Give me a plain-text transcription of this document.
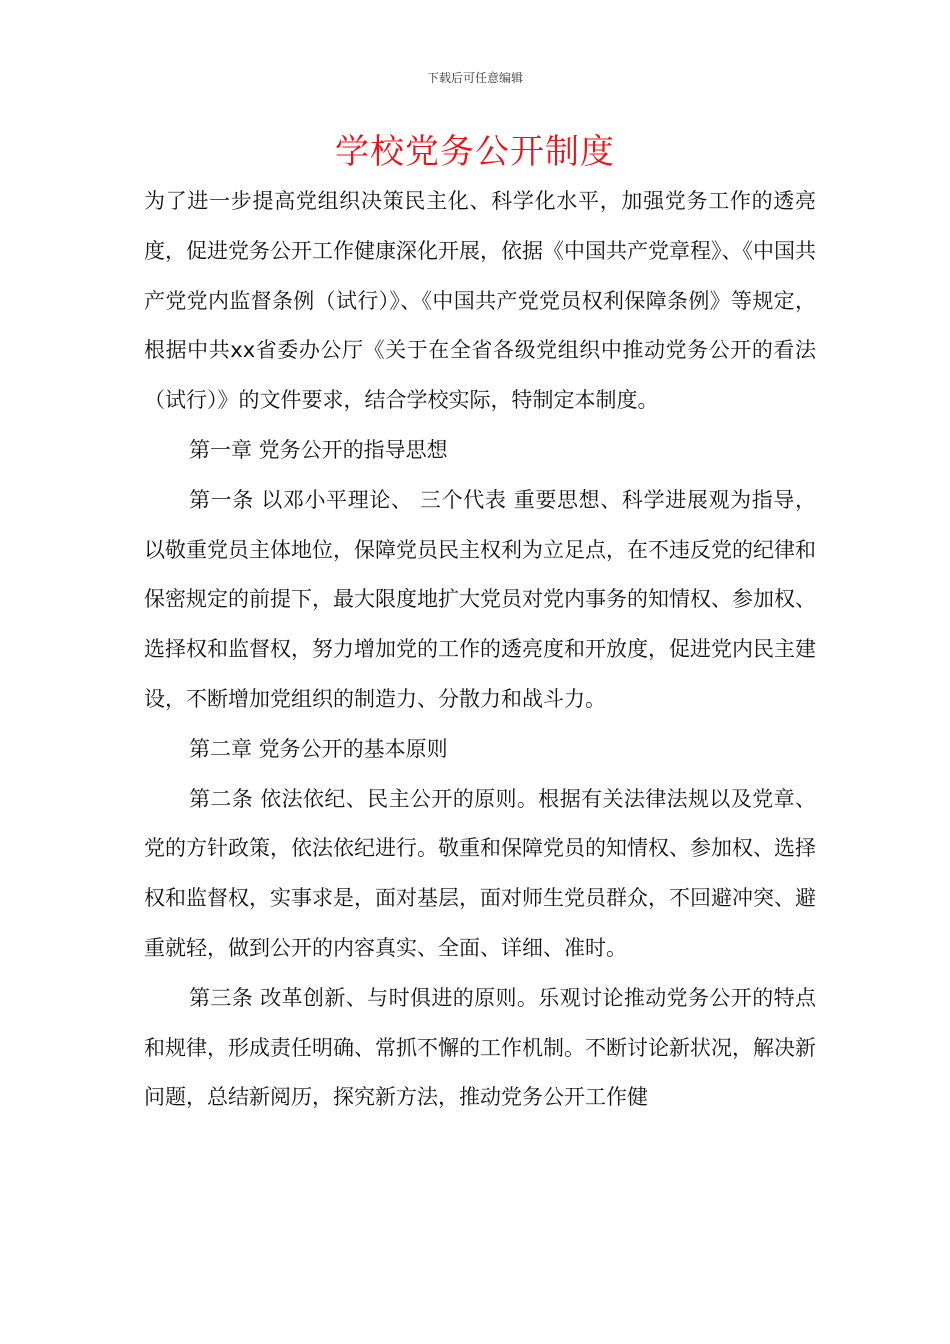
下载后可任意编辑
学校党务公开制度

为了进一步提高党组织决策民主化、科学化水平，加强党务工作的透亮度，促进党务公开工作健康深化开展，依据《中国共产党章程》、《中国共产党党内监督条例（试行）》、《中国共产党党员权利保障条例》等规定，根据中共xx省委办公厅《关于在全省各级党组织中推动党务公开的看法（试行）》的文件要求，结合学校实际，特制定本制度。

第一章 党务公开的指导思想

第一条 以邓小平理论、 三个代表 重要思想、科学进展观为指导，以敬重党员主体地位，保障党员民主权利为立足点，在不违反党的纪律和保密规定的前提下，最大限度地扩大党员对党内事务的知情权、参加权、选择权和监督权，努力增加党的工作的透亮度和开放度，促进党内民主建设，不断增加党组织的制造力、分散力和战斗力。

第二章 党务公开的基本原则

第二条 依法依纪、民主公开的原则。根据有关法律法规以及党章、党的方针政策，依法依纪进行。敬重和保障党员的知情权、参加权、选择权和监督权，实事求是，面对基层，面对师生党员群众，不回避冲突、避重就轻，做到公开的内容真实、全面、详细、准时。

第三条 改革创新、与时俱进的原则。乐观讨论推动党务公开的特点和规律，形成责任明确、常抓不懈的工作机制。不断讨论新状况，解决新问题，总结新阅历，探究新方法，推动党务公开工作健
